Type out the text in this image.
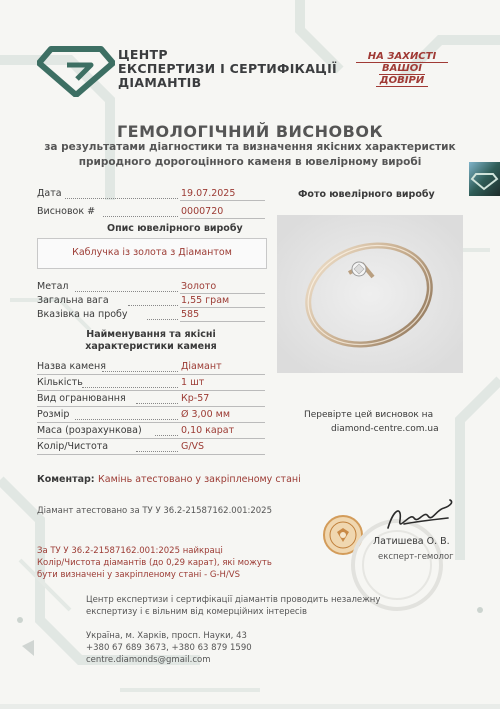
ЦЕНТР
ЕКСПЕРТИЗИ І СЕРТИФІКАЦІЇ
ДІАМАНТІВ
НА ЗАХИСТІ
ВАШОЇ
ДОВІРИ
ГЕМОЛОГІЧНИЙ ВИСНОВОК
за результатами діагностики та визначення якісних характеристик
природного дорогоцінного каменя в ювелірному виробі
Дата	19.07.2025
Висновок #	0000720
Опис ювелірного виробу
Каблучка із золота з Діамантом
Фото ювелірного виробу
Метал	Золото
Загальна вага	1,55 грам
Вказівка на пробу	585
Найменування та якісні
характеристики каменя
Назва каменя	Діамант
Кількість	1 шт
Вид огранювання	Кр-57
Розмір	Ø 3,00 мм
Маса (розрахункова)	0,10 карат
Колір/Чистота	G/VS
Перевірте цей висновок на
diamond-centre.com.ua
Коментар: Камінь атестовано у закріпленому стані
Діамант атестовано за ТУ У 36.2-21587162.001:2025
За ТУ У 36.2-21587162.001:2025 найкраці
Колір/Чистота діамантів (до 0,29 карат), які можуть
бути визначені у закріпленому стані - G-H/VS
Латишева О. В.
експерт-гемолог
Центр експертизи і сертифікації діамантів проводить незалежну
експертизу і є вільним від комерційних інтересів
Україна, м. Харків, просп. Науки, 43
+380 67 689 3673, +380 63 879 1590
centre.diamonds@gmail.com
